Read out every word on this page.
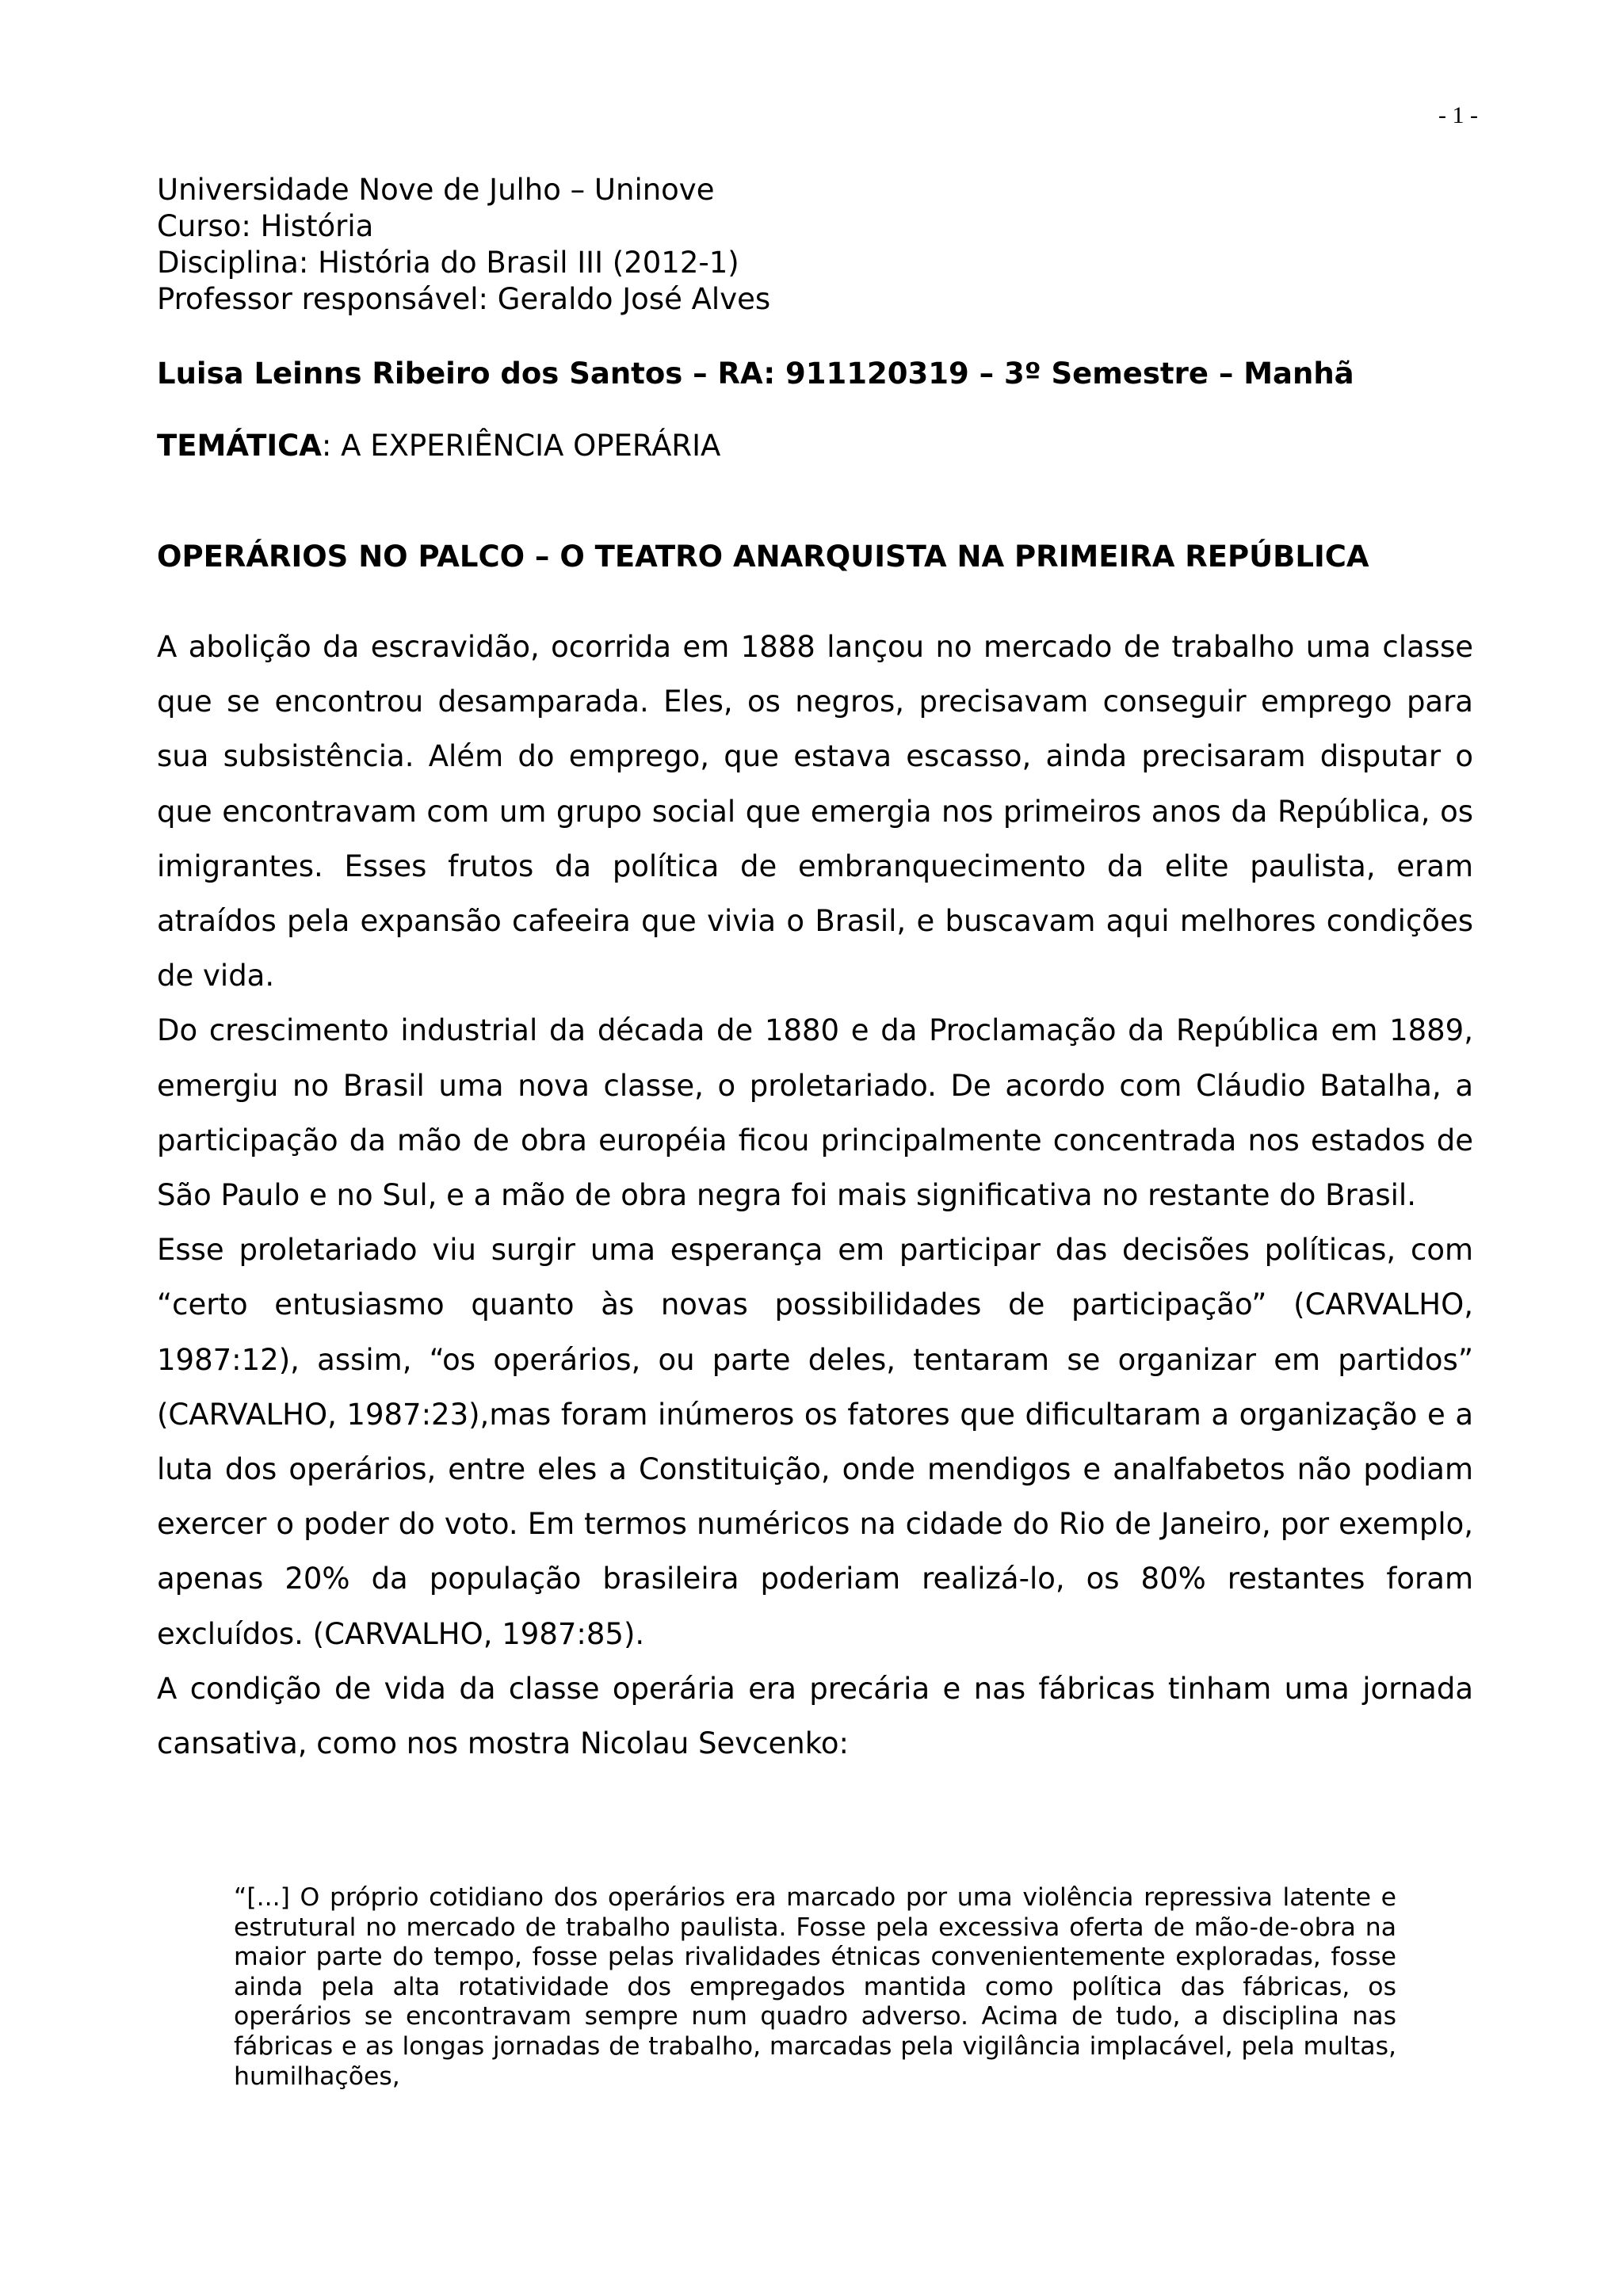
- 1 -
Universidade Nove de Julho – Uninove
Curso: História
Disciplina: História do Brasil III (2012-1)
Professor responsável: Geraldo José Alves
Luisa Leinns Ribeiro dos Santos – RA: 911120319 – 3º Semestre – Manhã
TEMÁTICA: A EXPERIÊNCIA OPERÁRIA
OPERÁRIOS NO PALCO – O TEATRO ANARQUISTA NA PRIMEIRA REPÚBLICA

A abolição da escravidão, ocorrida em 1888 lançou no mercado de trabalho uma classe que se encontrou desamparada. Eles, os negros, precisavam conseguir emprego para sua subsistência. Além do emprego, que estava escasso, ainda precisaram disputar o que encontravam com um grupo social que emergia nos primeiros anos da República, os imigrantes. Esses frutos da política de embranquecimento da elite paulista, eram atraídos pela expansão cafeeira que vivia o Brasil, e buscavam aqui melhores condições de vida.

Do crescimento industrial da década de 1880 e da Proclamação da República em 1889, emergiu no Brasil uma nova classe, o proletariado. De acordo com Cláudio Batalha, a participação da mão de obra européia ficou principalmente concentrada nos estados de São Paulo e no Sul, e a mão de obra negra foi mais significativa no restante do Brasil.

Esse proletariado viu surgir uma esperança em participar das decisões políticas, com “certo entusiasmo quanto às novas possibilidades de participação” (CARVALHO, 1987:12), assim, “os operários, ou parte deles, tentaram se organizar em partidos” (CARVALHO, 1987:23),mas foram inúmeros os fatores que dificultaram a organização e a luta dos operários, entre eles a Constituição, onde mendigos e analfabetos não podiam exercer o poder do voto. Em termos numéricos na cidade do Rio de Janeiro, por exemplo, apenas 20% da população brasileira poderiam realizá-lo, os 80% restantes foram excluídos. (CARVALHO, 1987:85).

A condição de vida da classe operária era precária e nas fábricas tinham uma jornada cansativa, como nos mostra Nicolau Sevcenko:

“[...] O próprio cotidiano dos operários era marcado por uma violência repressiva latente e estrutural no mercado de trabalho paulista. Fosse pela excessiva oferta de mão-de-obra na maior parte do tempo, fosse pelas rivalidades étnicas convenientemente exploradas, fosse ainda pela alta rotatividade dos empregados mantida como política das fábricas, os operários se encontravam sempre num quadro adverso. Acima de tudo, a disciplina nas fábricas e as longas jornadas de trabalho, marcadas pela vigilância implacável, pela multas, humilhações,
